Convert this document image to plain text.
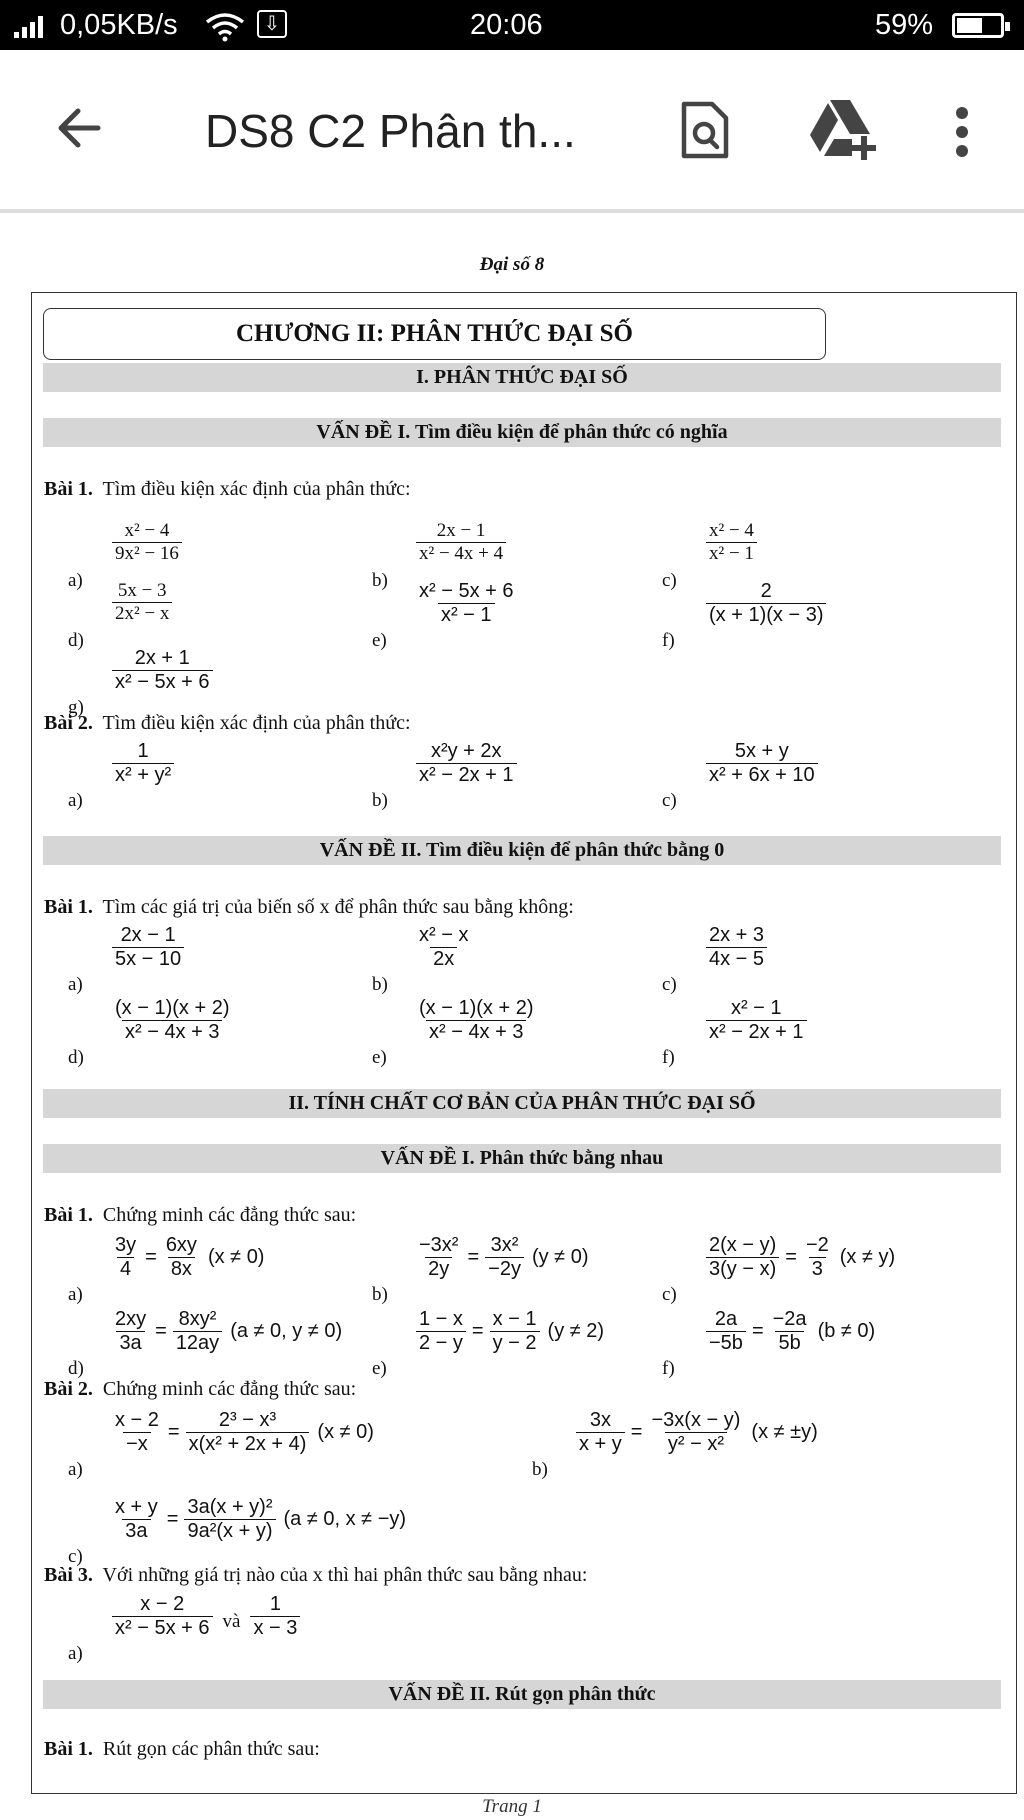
0,05KB/s	⇩	20:06	59%
DS8 C2 Phân th...
Đại số 8
CHƯƠNG II: PHÂN THỨC ĐẠI SỐ
I. PHÂN THỨC ĐẠI SỐ
VẤN ĐỀ I. Tìm điều kiện để phân thức có nghĩa
Bài 1. Tìm điều kiện xác định của phân thức:
a)
$\frac{\text{x² − 4}}{\text{9x² − 16}}$
b)
$\frac{2x - 1}{\text{x² − 4x + 4}}$
c)
$\frac{\text{x² − 4}}{\text{x² − 1}}$
d)
$\frac{5x - 3}{\text{2x² − x}}$
e)
$\frac{\text{x² − 5x + 6}}{\text{x² − 1}}$
f)
$\frac{2}{(x + 1)(x - 3)}$
g)
$\frac{2x + 1}{\text{x² − 5x + 6}}$
Bài 2. Tìm điều kiện xác định của phân thức:
a)
$\frac{1}{\text{x² + y²}}$
b)
$\frac{\text{x²y + 2x}}{\text{x² − 2x + 1}}$
c)
$\frac{5x + y}{\text{x² + 6x + 10}}$
VẤN ĐỀ II. Tìm điều kiện để phân thức bằng 0
Bài 1. Tìm các giá trị của biến số x để phân thức sau bằng không:
a)
$\frac{2x - 1}{5x - 10}$
b)
$\frac{\text{x² − x}}{2x}$
c)
$\frac{2x + 3}{4x - 5}$
d)
$\frac{(x - 1)(x + 2)}{\text{x² − 4x + 3}}$
e)
$\frac{(x - 1)(x + 2)}{\text{x² − 4x + 3}}$
f)
$\frac{\text{x² − 1}}{\text{x² − 2x + 1}}$
II. TÍNH CHẤT CƠ BẢN CỦA PHÂN THỨC ĐẠI SỐ
VẤN ĐỀ I. Phân thức bằng nhau
Bài 1. Chứng minh các đẳng thức sau:
a)
$\frac{3y}{4} = \frac{6xy}{8x} (x \ne 0)$
b)
$\frac{\text{−3x²}}{2y} = \frac{\text{3x²}}{-2y} (y \ne 0)$
c)
$\frac{2(x - y)}{3(y - x)} = \frac{-2}{3} (x \ne y)$
d)
$\frac{2xy}{3a} = \frac{\text{8xy²}}{12ay} (a \ne 0$, y ≠ 0)
e)
$\frac{1 - x}{2 - y} = \frac{x - 1}{y - 2} (y \ne 2)$
f)
$\frac{2a}{-5b} = \frac{-2a}{5b} (b \ne 0)$
Bài 2. Chứng minh các đẳng thức sau:
a)
$\frac{x - 2}{-x} = \frac{\text{2³ − x³}}{\text{x(x² + 2x + 4)}} (x \ne 0)$
b)
$\frac{3x}{x + y} = \frac{-3x(x - y)}{\text{y² − x²}} (x \ne \pm y)$
c)
$\frac{x + y}{3a} = \frac{\text{3a(x + y)²}}{\text{9a²(x + y)}} (a \ne 0$, x ≠ −y)
Bài 3. Với những giá trị nào của x thì hai phân thức sau bằng nhau:
a)
$\frac{x - 2}{\text{x² − 5x + 6}}$ và $\frac{1}{x - 3}$
VẤN ĐỀ II. Rút gọn phân thức
Bài 1. Rút gọn các phân thức sau:
Trang 1
